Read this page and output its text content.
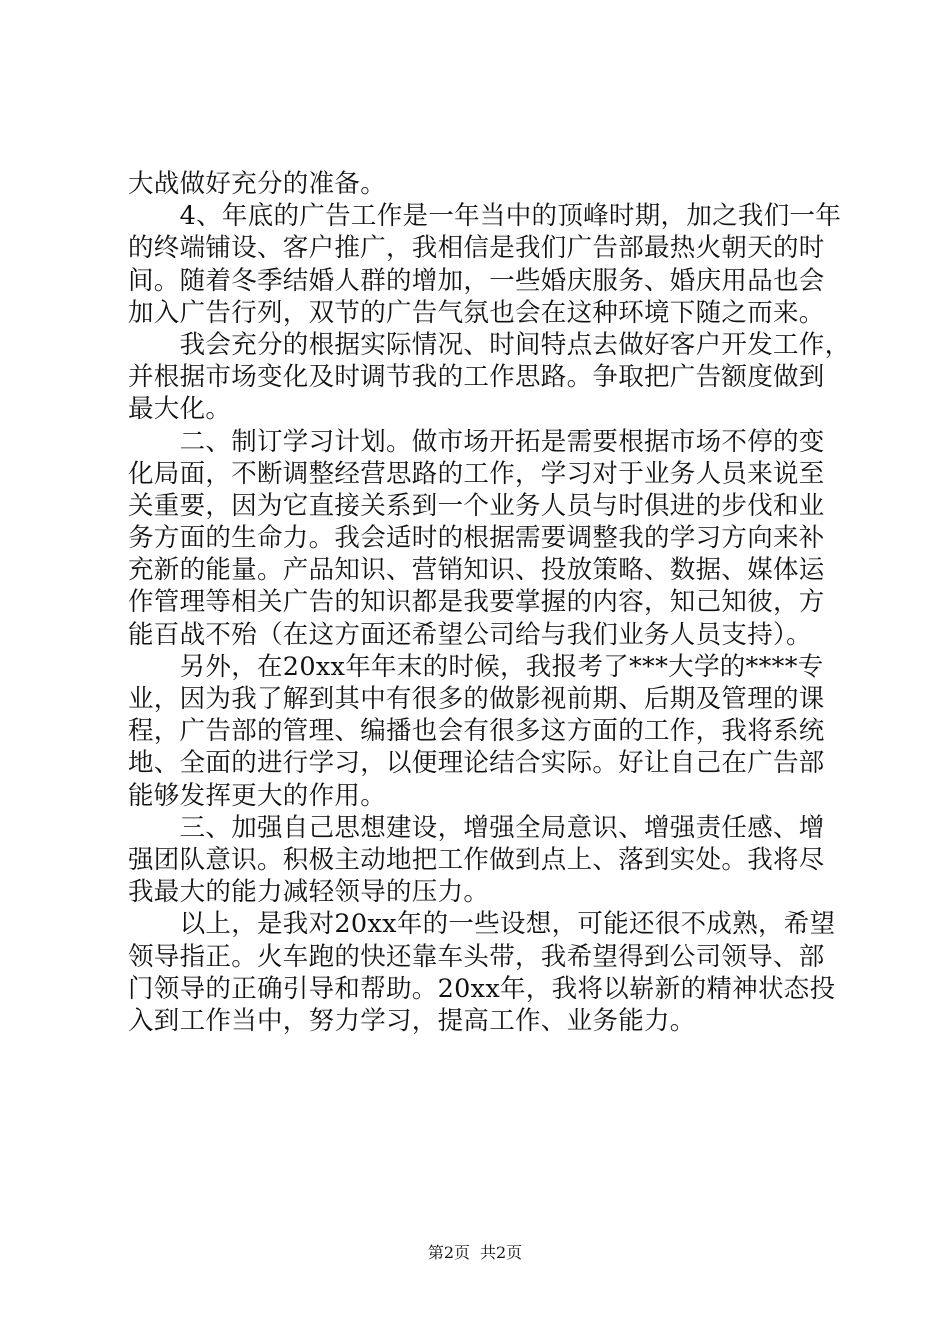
大战做好充分的准备。
　　4、年底的广告工作是一年当中的顶峰时期，加之我们一年
的终端铺设、客户推广，我相信是我们广告部最热火朝天的时
间。随着冬季结婚人群的增加，一些婚庆服务、婚庆用品也会
加入广告行列，双节的广告气氛也会在这种环境下随之而来。
　　我会充分的根据实际情况、时间特点去做好客户开发工作，
并根据市场变化及时调节我的工作思路。争取把广告额度做到
最大化。
　　二、制订学习计划。做市场开拓是需要根据市场不停的变
化局面，不断调整经营思路的工作，学习对于业务人员来说至
关重要，因为它直接关系到一个业务人员与时俱进的步伐和业
务方面的生命力。我会适时的根据需要调整我的学习方向来补
充新的能量。产品知识、营销知识、投放策略、数据、媒体运
作管理等相关广告的知识都是我要掌握的内容，知己知彼，方
能百战不殆（在这方面还希望公司给与我们业务人员支持）。
　　另外，在20xx年年末的时候，我报考了***大学的****专
业，因为我了解到其中有很多的做影视前期、后期及管理的课
程，广告部的管理、编播也会有很多这方面的工作，我将系统
地、全面的进行学习，以便理论结合实际。好让自己在广告部
能够发挥更大的作用。
　　三、加强自己思想建设，增强全局意识、增强责任感、增
强团队意识。积极主动地把工作做到点上、落到实处。我将尽
我最大的能力减轻领导的压力。
　　以上，是我对20xx年的一些设想，可能还很不成熟，希望
领导指正。火车跑的快还靠车头带，我希望得到公司领导、部
门领导的正确引导和帮助。20xx年，我将以崭新的精神状态投
入到工作当中，努力学习，提高工作、业务能力。
第2页 共2页
